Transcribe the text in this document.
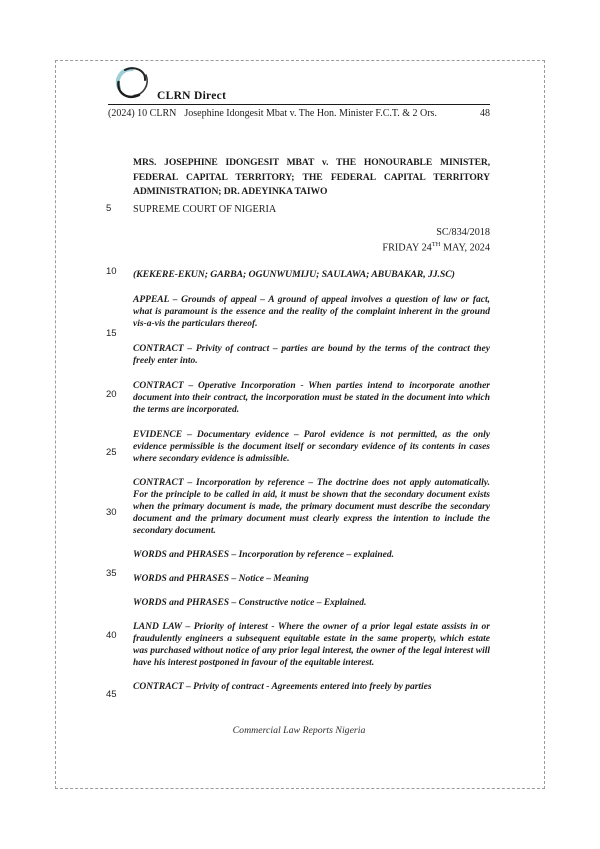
CLRN Direct
(2024) 10 CLRN Josephine Idongesit Mbat v. The Hon. Minister F.C.T. & 2 Ors.	48
5
10
15
20
25
30
35
40
45
MRS. JOSEPHINE IDONGESIT MBAT v. THE HONOURABLE MINISTER, FEDERAL CAPITAL TERRITORY; THE FEDERAL CAPITAL TERRITORY ADMINISTRATION; DR. ADEYINKA TAIWO
SUPREME COURT OF NIGERIA
SC/834/2018
FRIDAY 24TH MAY, 2024
(KEKERE-EKUN; GARBA; OGUNWUMIJU; SAULAWA; ABUBAKAR, JJ.SC)
APPEAL – Grounds of appeal – A ground of appeal involves a question of law or fact, what is paramount is the essence and the reality of the complaint inherent in the ground vis-a-vis the particulars thereof.
CONTRACT – Privity of contract – parties are bound by the terms of the contract they freely enter into.
CONTRACT – Operative Incorporation - When parties intend to incorporate another document into their contract, the incorporation must be stated in the document into which the terms are incorporated.
EVIDENCE – Documentary evidence – Parol evidence is not permitted, as the only evidence permissible is the document itself or secondary evidence of its contents in cases where secondary evidence is admissible.
CONTRACT – Incorporation by reference – The doctrine does not apply automatically. For the principle to be called in aid, it must be shown that the secondary document exists when the primary document is made, the primary document must describe the secondary document and the primary document must clearly express the intention to include the secondary document.
WORDS and PHRASES – Incorporation by reference – explained.
WORDS and PHRASES – Notice – Meaning
WORDS and PHRASES – Constructive notice – Explained.
LAND LAW – Priority of interest - Where the owner of a prior legal estate assists in or fraudulently engineers a subsequent equitable estate in the same property, which estate was purchased without notice of any prior legal interest, the owner of the legal interest will have his interest postponed in favour of the equitable interest.
CONTRACT – Privity of contract - Agreements entered into freely by parties
Commercial Law Reports Nigeria
